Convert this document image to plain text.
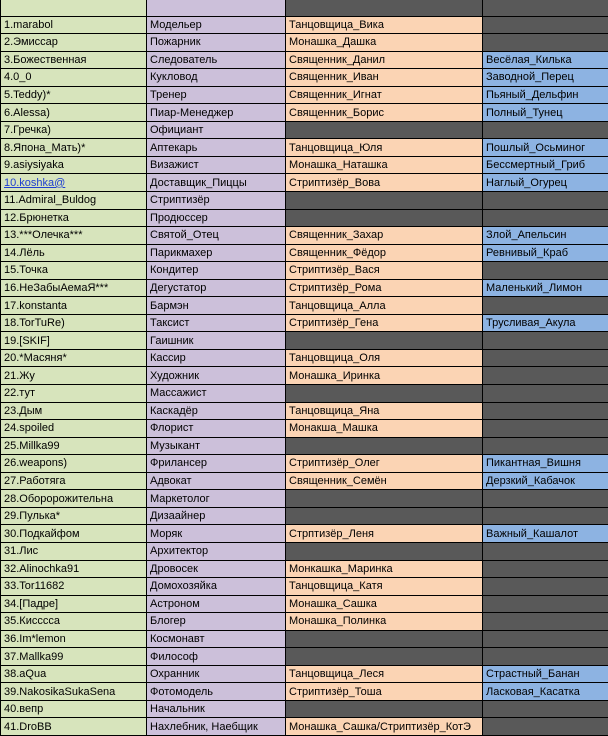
1.marabol	Модельер	Танцовщица_Вика	
2.Эмиссар	Пожарник	Монашка_Дашка	
3.Божественная	Следователь	Священник_Данил	Весёлая_Килька
4.0_0	Кукловод	Священник_Иван	Заводной_Перец
5.Teddy)*	Тренер	Священник_Игнат	Пьяный_Дельфин
6.Alessa)	Пиар-Менеджер	Священник_Борис	Полный_Тунец
7.Гречка)	Официант		
8.Япона_Мать)*	Аптекарь	Танцовщица_Юля	Пошлый_Осьминог
9.asiysiyaka	Визажист	Монашка_Наташка	Бессмертный_Гриб
10.koshka@	Доставщик_Пиццы	Стриптизёр_Вова	Наглый_Огурец
11.Admiral_Buldog	Стриптизёр		
12.Брюнетка	Продюссер		
13.***Олечка***	Святой_Отец	Священник_Захар	Злой_Апельсин
14.Лёль	Парикмахер	Священник_Фёдор	Ревнивый_Краб
15.Точка	Кондитер	Стриптизёр_Вася	
16.НеЗабыАемаЯ***	Дегустатор	Стриптизёр_Рома	Маленький_Лимон
17.konstanta	Бармэн	Танцовщица_Алла	
18.TorTuRe)	Таксист	Стриптизёр_Гена	Трусливая_Акула
19.[SKIF]	Гаишник		
20.*Масяня*	Кассир	Танцовщица_Оля	
21.Жу	Художник	Монашка_Иринка	
22.тут	Массажист		
23.Дым	Каскадёр	Танцовщица_Яна	
24.spoiled	Флорист	Монакша_Машка	
25.Millka99	Музыкант		
26.weapons)	Фрилансер	Стриптизёр_Олег	Пикантная_Вишня
27.Работяга	Адвокат	Священник_Семён	Дерзкий_Кабачок
28.Оборорожительна	Маркетолог		
29.Пулька*	Дизаайнер		
30.Подкайфом	Моряк	Стрптизёр_Леня	Важный_Кашалот
31.Лис	Архитектор		
32.Alinochka91	Дровосек	Монкашка_Маринка	
33.Tor11682	Домохозяйка	Танцовщица_Катя	
34.[Падре]	Астроном	Монашка_Сашка	
35.Кисссса	Блогер	Монашка_Полинка	
36.Im*lemon	Космонавт		
37.Mallka99	Философ		
38.aQua	Охранник	Танцовщица_Леся	Страстный_Банан
39.NakosikaSukaSena	Фотомодель	Стриптизёр_Тоша	Ласковая_Касатка
40.вепр	Начальник		
41.DroBB	Нахлебник, Наебщик	Монашка_Сашка/Стриптизёр_КотЭ	
